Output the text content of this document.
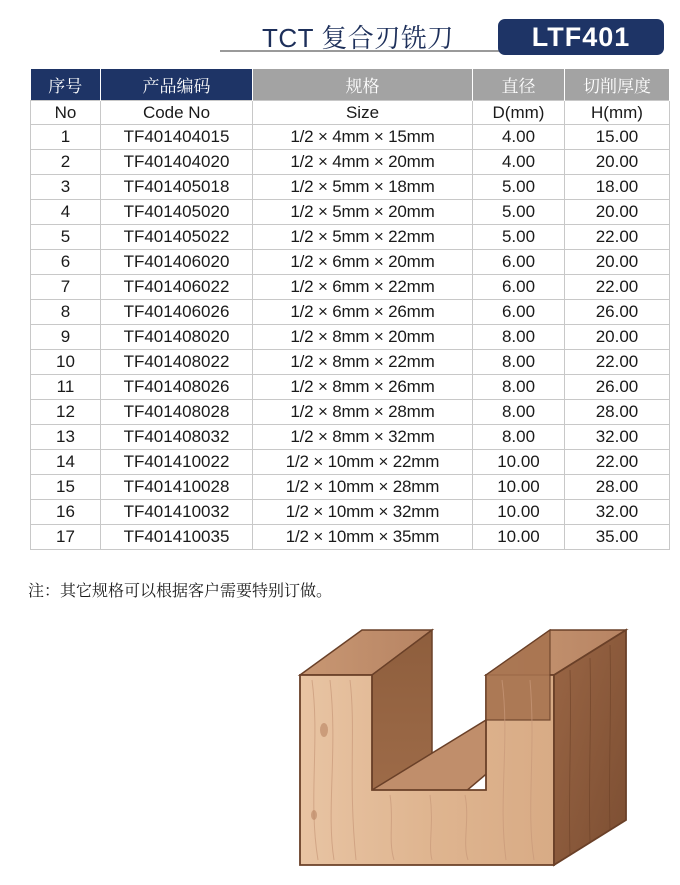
TCT 复合刃铣刀	LTF401
序号	产品编码	规格	直径	切削厚度
No	Code No	Size	D(mm)	H(mm)
1	TF401404015	1/2 × 4mm × 15mm	4.00	15.00
2	TF401404020	1/2 × 4mm × 20mm	4.00	20.00
3	TF401405018	1/2 × 5mm × 18mm	5.00	18.00
4	TF401405020	1/2 × 5mm × 20mm	5.00	20.00
5	TF401405022	1/2 × 5mm × 22mm	5.00	22.00
6	TF401406020	1/2 × 6mm × 20mm	6.00	20.00
7	TF401406022	1/2 × 6mm × 22mm	6.00	22.00
8	TF401406026	1/2 × 6mm × 26mm	6.00	26.00
9	TF401408020	1/2 × 8mm × 20mm	8.00	20.00
10	TF401408022	1/2 × 8mm × 22mm	8.00	22.00
11	TF401408026	1/2 × 8mm × 26mm	8.00	26.00
12	TF401408028	1/2 × 8mm × 28mm	8.00	28.00
13	TF401408032	1/2 × 8mm × 32mm	8.00	32.00
14	TF401410022	1/2 × 10mm × 22mm	10.00	22.00
15	TF401410028	1/2 × 10mm × 28mm	10.00	28.00
16	TF401410032	1/2 × 10mm × 32mm	10.00	32.00
17	TF401410035	1/2 × 10mm × 35mm	10.00	35.00
注：其它规格可以根据客户需要特别订做。
